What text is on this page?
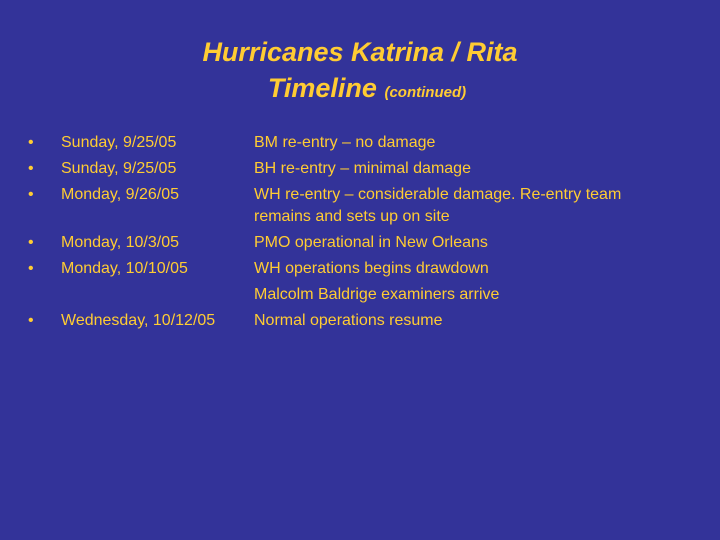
Hurricanes Katrina / Rita
Timeline (continued)
• Sunday, 9/25/05	BM re-entry – no damage
• Sunday, 9/25/05	BH re-entry – minimal damage
• Monday, 9/26/05	WH re-entry – considerable damage. Re-entry team
remains and sets up on site
• Monday, 10/3/05	PMO operational in New Orleans
• Monday, 10/10/05	WH operations begins drawdown
Malcolm Baldrige examiners arrive
• Wednesday, 10/12/05 Normal operations resume
